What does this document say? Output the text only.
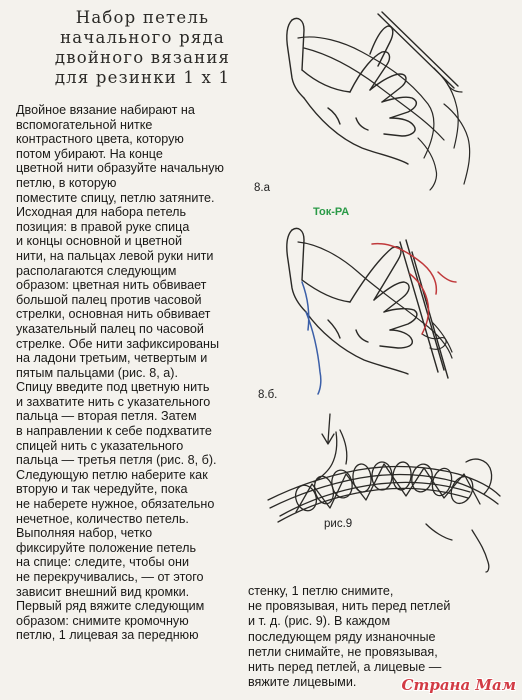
Набор петель
начального ряда
двойного вязания
для резинки 1 х 1
Двойное вязание набирают на
вспомогательной нитке
контрастного цвета, которую
потом убирают. На конце
цветной нити образуйте начальную
петлю, в которую
поместите спицу, петлю затяните.
Исходная для набора петель
позиция: в правой руке спица
и концы основной и цветной
нити, на пальцах левой руки нити
располагаются следующим
образом: цветная нить обвивает
большой палец против часовой
стрелки, основная нить обвивает
указательный палец по часовой
стрелке. Обе нити зафиксированы
на ладони третьим, четвертым и
пятым пальцами (рис. 8, а).
Спицу введите под цветную нить
и захватите нить с указательного
пальца — вторая петля. Затем
в направлении к себе подхватите
спицей нить с указательного
пальца — третья петля (рис. 8, б).
Следующую петлю наберите как
вторую и так чередуйте, пока
не наберете нужное, обязательно
нечетное, количество петель.
Выполняя набор, четко
фиксируйте положение петель
на спице: следите, чтобы они
не перекручивались, — от этого
зависит внешний вид кромки.
Первый ряд вяжите следующим
образом: снимите кромочную
петлю, 1 лицевая за переднюю
стенку, 1 петлю снимите,
не провязывая, нить перед петлей
и т. д. (рис. 9). В каждом
последующем ряду изнаночные
петли снимайте, не провязывая,
нить перед петлей, а лицевые —
вяжите лицевыми.
8.а
Ток-РА
8.б.
рис.9
Страна Мам
